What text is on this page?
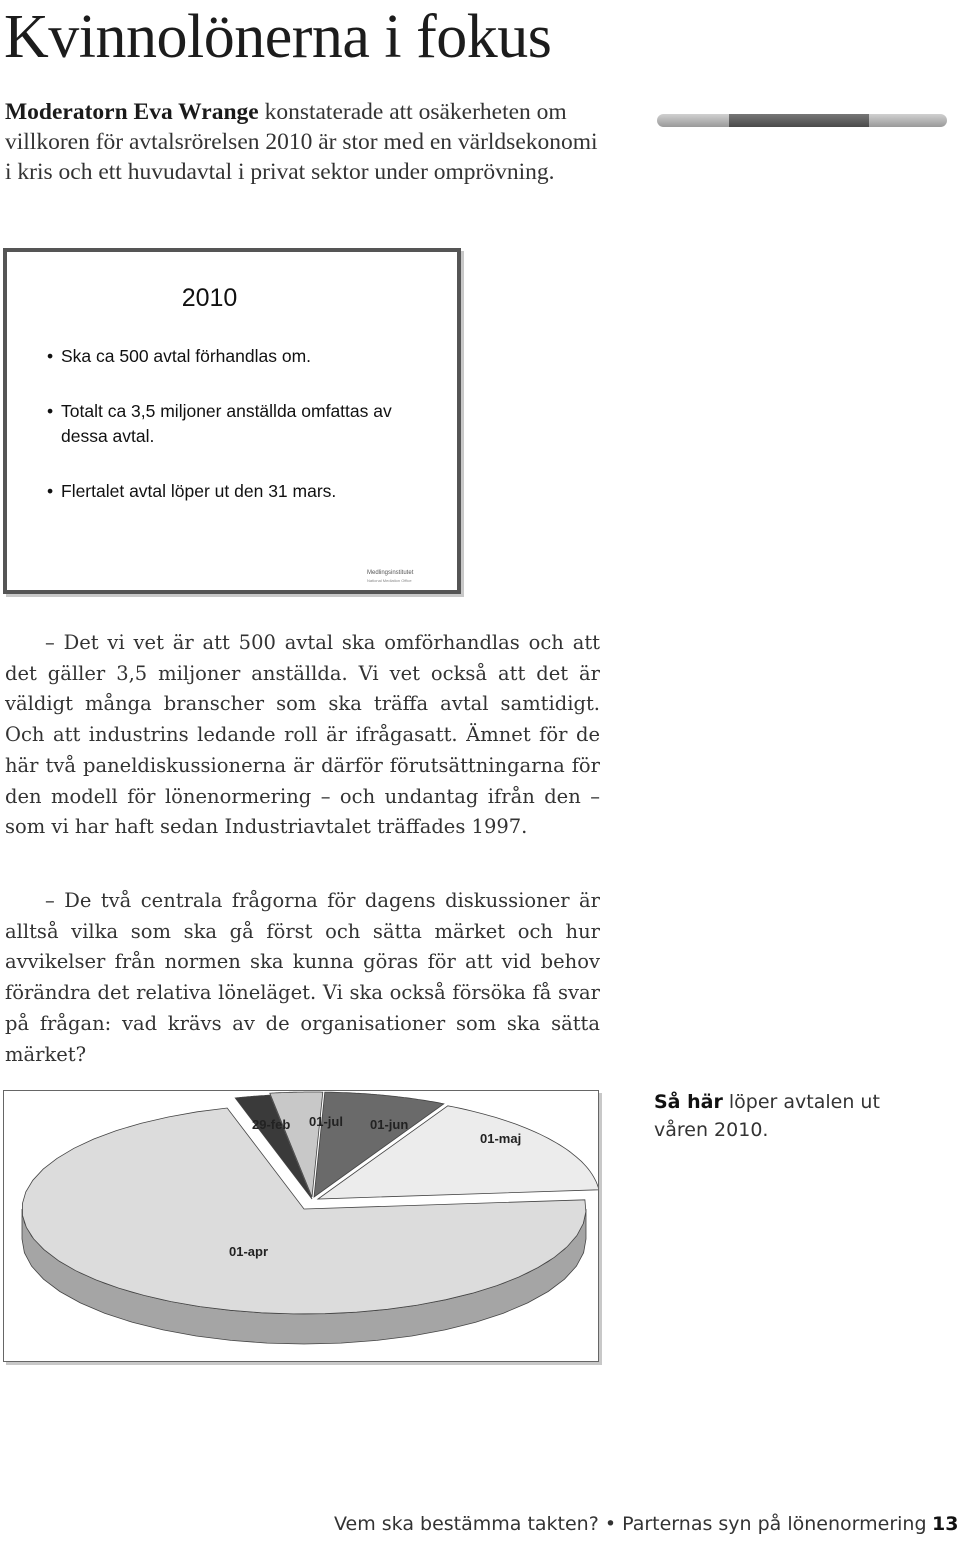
Kvinnolönerna i fokus
Moderatorn Eva Wrange konstaterade att osäkerheten om villkoren för avtalsrörelsen 2010 är stor med en världsekonomi i kris och ett huvudavtal i privat sektor under omprövning.
2010
• Ska ca 500 avtal förhandlas om.
• Totalt ca 3,5 miljoner anställda omfattas av dessa avtal.
• Flertalet avtal löper ut den 31 mars.
Medlingsinstitutet
National Mediation Office
– Det vi vet är att 500 avtal ska omförhandlas och att det gäller 3,5 miljoner anställda. Vi vet också att det är väldigt många branscher som ska träffa avtal samtidigt. Och att industrins ledande roll är ifrågasatt. Ämnet för de här två paneldiskussionerna är därför förutsättningarna för den modell för lönenormering – och undantag ifrån den – som vi har haft sedan Industriavtalet träffades 1997.
– De två centrala frågorna för dagens diskussioner är alltså vilka som ska gå först och sätta märket och hur avvikelser från normen ska kunna göras för att vid behov förändra det relativa löneläget. Vi ska också försöka få svar på frågan: vad krävs av de organisationer som ska sätta märket?
01-apr
29-feb 01-jul 01-jun
01-maj
Så här löper avtalen ut våren 2010.
Vem ska bestämma takten? • Parternas syn på lönenormering 13
